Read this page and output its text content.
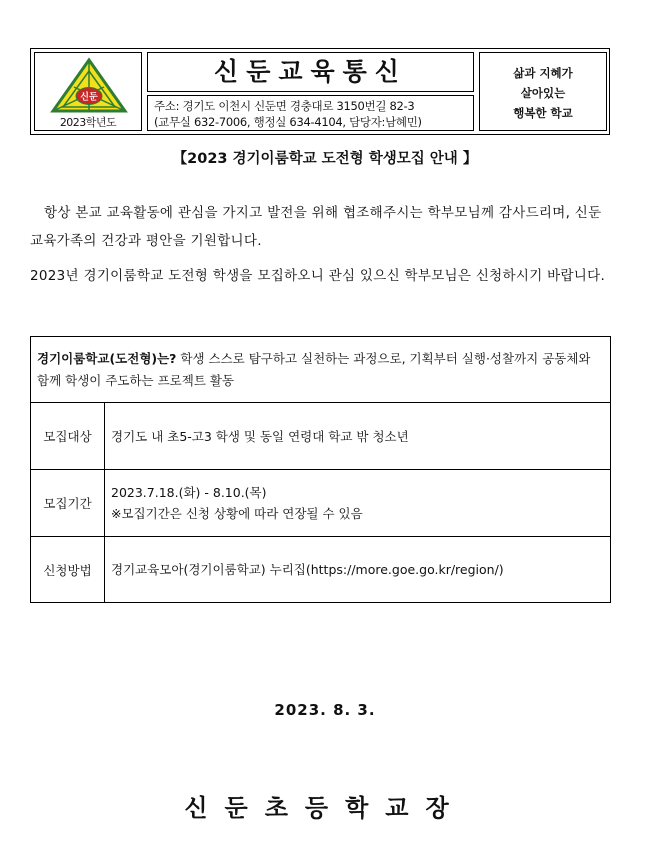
신둔
2023학년도
신둔교육통신
주소: 경기도 이천시 신둔면 경충대로 3150번길 82-3
(교무실 632-7006, 행정실 634-4104, 담당자:남혜민)
삶과 지혜가
살아있는
행복한 학교
【2023 경기이룸학교 도전형 학생모집 안내 】
항상 본교 교육활동에 관심을 가지고 발전을 위해 협조해주시는 학부모님께 감사드리며, 신둔 교육가족의 건강과 평안을 기원합니다.
2023년 경기이룸학교 도전형 학생을 모집하오니 관심 있으신 학부모님은 신청하시기 바랍니다.
경기이룸학교(도전형)는? 학생 스스로 탐구하고 실천하는 과정으로, 기획부터 실행·성찰까지 공동체와 함께 학생이 주도하는 프로젝트 활동	
모집대상	경기도 내 초5-고3 학생 및 동일 연령대 학교 밖 청소년
모집기간	2023.7.18.(화) - 8.10.(목)
※모집기간은 신청 상황에 따라 연장될 수 있음

신청방법	경기교육모아(경기이룸학교) 누리집(https://more.goe.go.kr/region/)
2023. 8. 3.
신둔초등학교장
